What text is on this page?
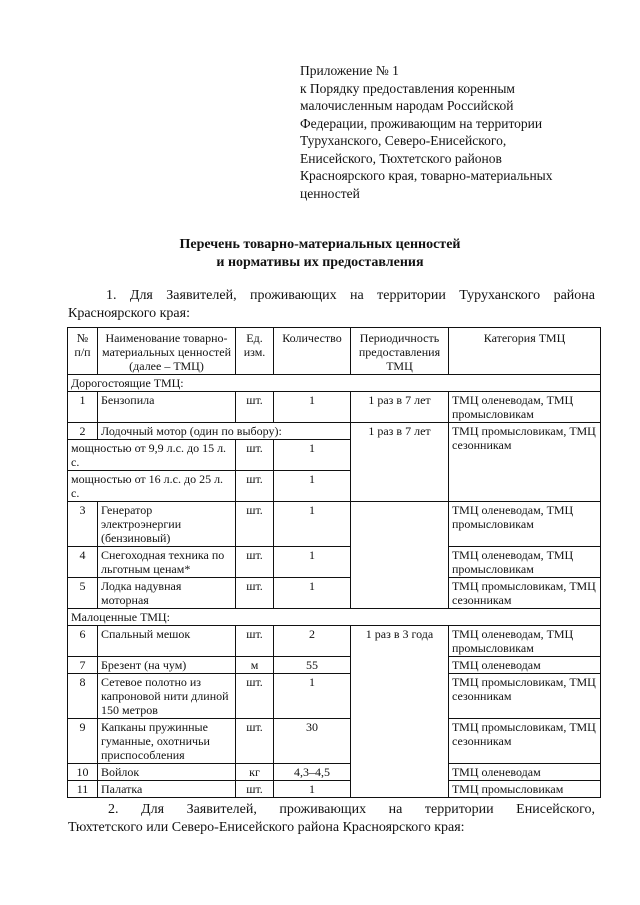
Приложение № 1
к Порядку предоставления коренным
малочисленным народам Российской
Федерации, проживающим на территории
Туруханского, Северо-Енисейского,
Енисейского, Тюхтетского районов
Красноярского края, товарно-материальных
ценностей
Перечень товарно-материальных ценностей
и нормативы их предоставления
1. Для Заявителей, проживающих на территории Туруханского района
Красноярского края:
№ п/п	Наименование товарно-материальных ценностей (далее – ТМЦ)	Ед. изм.	Количество	Периодичность предоставления ТМЦ	Категория ТМЦ
Дорогостоящие ТМЦ:					
1	Бензопила	шт.	1	1 раз в 7 лет	ТМЦ оленеводам, ТМЦ промысловикам
2	Лодочный мотор (один по выбору):			1 раз в 7 лет	ТМЦ промысловикам, ТМЦ сезонникам
мощностью от 9,9 л.с. до 15 л. с.		шт.	1		
мощностью от 16 л.с. до 25 л. с.		шт.	1		
3	Генератор электроэнергии (бензиновый)	шт.	1		ТМЦ оленеводам, ТМЦ промысловикам
4	Снегоходная техника по льготным ценам*	шт.	1		ТМЦ оленеводам, ТМЦ промысловикам
5	Лодка надувная моторная	шт.	1		ТМЦ промысловикам, ТМЦ сезонникам
Малоценные ТМЦ:					
6	Спальный мешок	шт.	2	1 раз в 3 года	ТМЦ оленеводам, ТМЦ промысловикам
7	Брезент (на чум)	м	55		ТМЦ оленеводам
8	Сетевое полотно из капроновой нити длиной 150 метров	шт.	1		ТМЦ промысловикам, ТМЦ сезонникам
9	Капканы пружинные гуманные, охотничьи приспособления	шт.	30		ТМЦ промысловикам, ТМЦ сезонникам
10	Войлок	кг	4,3–4,5		ТМЦ оленеводам
11	Палатка	шт.	1		ТМЦ промысловикам
2. Для Заявителей, проживающих на территории Енисейского,
Тюхтетского или Северо-Енисейского района Красноярского края:
